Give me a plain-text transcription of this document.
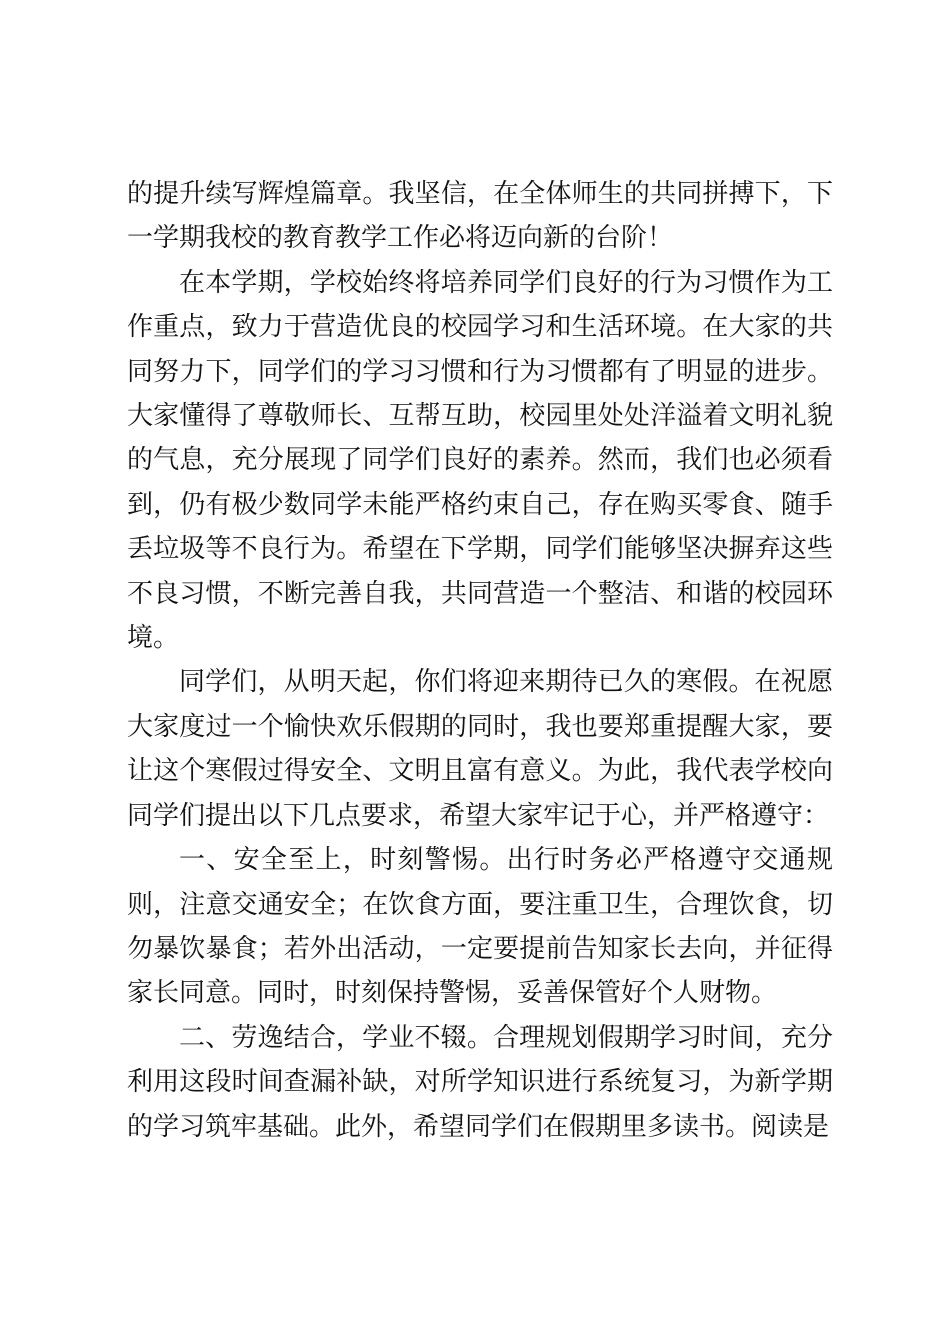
的提升续写辉煌篇章。我坚信，在全体师生的共同拼搏下，下一学期我校的教育教学工作必将迈向新的台阶！

在本学期，学校始终将培养同学们良好的行为习惯作为工作重点，致力于营造优良的校园学习和生活环境。在大家的共同努力下，同学们的学习习惯和行为习惯都有了明显的进步。大家懂得了尊敬师长、互帮互助，校园里处处洋溢着文明礼貌的气息，充分展现了同学们良好的素养。然而，我们也必须看到，仍有极少数同学未能严格约束自己，存在购买零食、随手丢垃圾等不良行为。希望在下学期，同学们能够坚决摒弃这些不良习惯，不断完善自我，共同营造一个整洁、和谐的校园环境。

同学们，从明天起，你们将迎来期待已久的寒假。在祝愿大家度过一个愉快欢乐假期的同时，我也要郑重提醒大家，要让这个寒假过得安全、文明且富有意义。为此，我代表学校向同学们提出以下几点要求，希望大家牢记于心，并严格遵守：

一、安全至上，时刻警惕。出行时务必严格遵守交通规则，注意交通安全；在饮食方面，要注重卫生，合理饮食，切勿暴饮暴食；若外出活动，一定要提前告知家长去向，并征得家长同意。同时，时刻保持警惕，妥善保管好个人财物。

二、劳逸结合，学业不辍。合理规划假期学习时间，充分利用这段时间查漏补缺，对所学知识进行系统复习，为新学期的学习筑牢基础。此外，希望同学们在假期里多读书。阅读是
